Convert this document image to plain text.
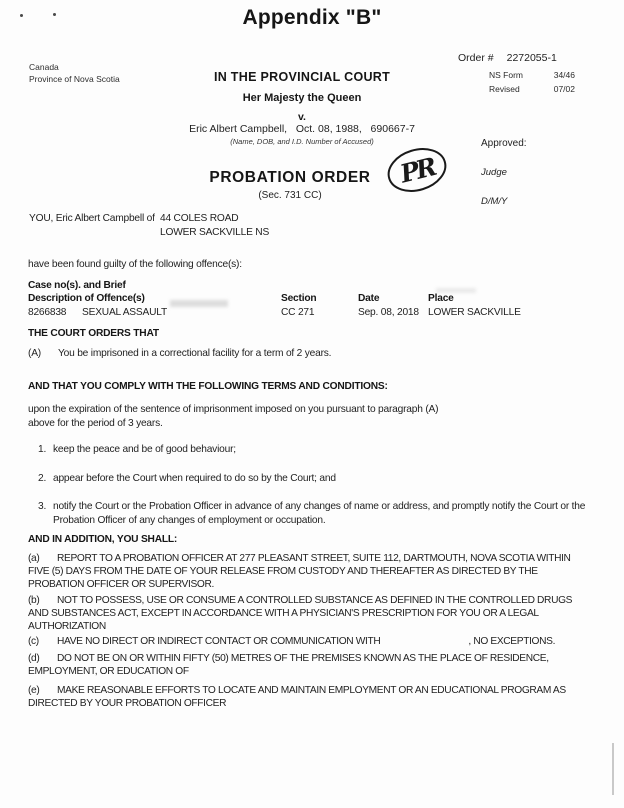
Appendix "B"
Canada
Province of Nova Scotia	IN THE PROVINCIAL COURT
Her Majesty the Queen
v.
Eric Albert Campbell,   Oct. 08, 1988,   690667-7
(Name, DOB, and I.D. Number of Accused)
Order # 2272055-1
NS Form	34/46
Revised	07/02
Approved:
Judge
D/M/Y
PROBATION ORDER
(Sec. 731 CC)
PR
YOU, Eric Albert Campbell of 44 COLES ROAD
LOWER SACKVILLE NS
have been found guilty of the following offence(s):
Case no(s). and Brief
Description of Offence(s)	Section	Date	Place
8266838 SEXUAL ASSAULT	CC 271	Sep. 08, 2018 LOWER SACKVILLE
THE COURT ORDERS THAT
(A) You be imprisoned in a correctional facility for a term of 2 years.
AND THAT YOU COMPLY WITH THE FOLLOWING TERMS AND CONDITIONS:
upon the expiration of the sentence of imprisonment imposed on you pursuant to paragraph (A)
above for the period of 3 years.
1. keep the peace and be of good behaviour;
2. appear before the Court when required to do so by the Court; and
3. notify the Court or the Probation Officer in advance of any changes of name or address, and promptly notify the Court or the
Probation Officer of any changes of employment or occupation.
AND IN ADDITION, YOU SHALL:
(a)	REPORT TO A PROBATION OFFICER AT 277 PLEASANT STREET, SUITE 112, DARTMOUTH, NOVA SCOTIA WITHIN
FIVE (5) DAYS FROM THE DATE OF YOUR RELEASE FROM CUSTODY AND THEREAFTER AS DIRECTED BY THE
PROBATION OFFICER OR SUPERVISOR.
(b)	NOT TO POSSESS, USE OR CONSUME A CONTROLLED SUBSTANCE AS DEFINED IN THE CONTROLLED DRUGS
AND SUBSTANCES ACT, EXCEPT IN ACCORDANCE WITH A PHYSICIAN'S PRESCRIPTION FOR YOU OR A LEGAL
AUTHORIZATION
(c)	HAVE NO DIRECT OR INDIRECT CONTACT OR COMMUNICATION WITH	, NO EXCEPTIONS.
(d)	DO NOT BE ON OR WITHIN FIFTY (50) METRES OF THE PREMISES KNOWN AS THE PLACE OF RESIDENCE,
EMPLOYMENT, OR EDUCATION OF
(e)	MAKE REASONABLE EFFORTS TO LOCATE AND MAINTAIN EMPLOYMENT OR AN EDUCATIONAL PROGRAM AS
DIRECTED BY YOUR PROBATION OFFICER
